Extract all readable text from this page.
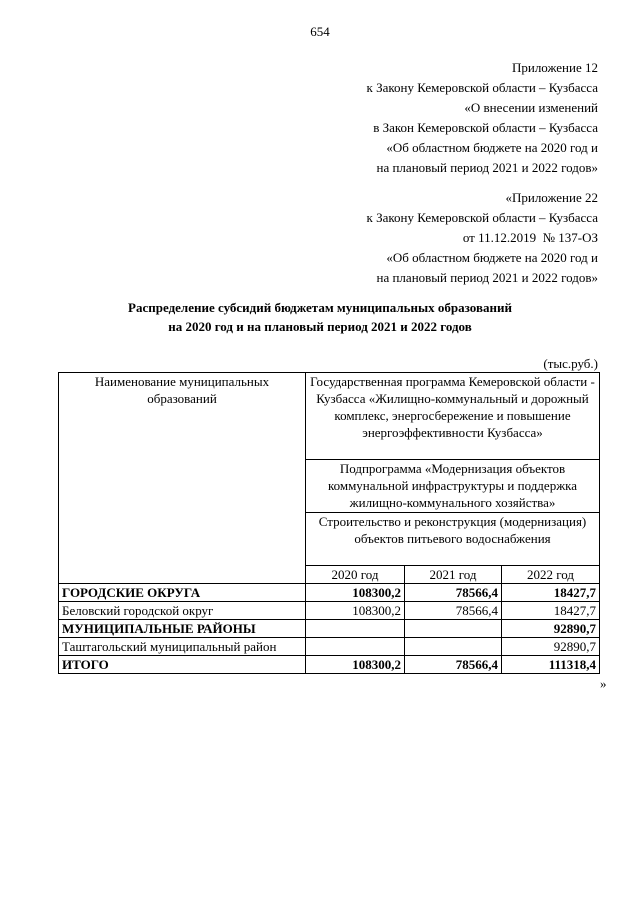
654
Приложение 12
к Закону Кемеровской области – Кузбасса
«О внесении изменений
в Закон Кемеровской области – Кузбасса
«Об областном бюджете на 2020 год и
на плановый период 2021 и 2022 годов»
«Приложение 22
к Закону Кемеровской области – Кузбасса
от 11.12.2019  № 137-ОЗ
«Об областном бюджете на 2020 год и
на плановый период 2021 и 2022 годов»
Распределение субсидий бюджетам муниципальных образований
на 2020 год и на плановый период 2021 и 2022 годов
(тыс.руб.)
Наименование муниципальных образований	Государственная программа Кемеровской области - Кузбасса «Жилищно-коммунальный и дорожный комплекс, энергосбережение и повышение энергоэффективности Кузбасса»		
	Подпрограмма «Модернизация объектов коммунальной инфраструктуры и поддержка жилищно-коммунального хозяйства»		
	Строительство и реконструкция (модернизация) объектов питьевого водоснабжения		
	2020 год	2021 год	2022 год
ГОРОДСКИЕ ОКРУГА	108300,2	78566,4	18427,7
Беловский городской округ	108300,2	78566,4	18427,7
МУНИЦИПАЛЬНЫЕ РАЙОНЫ			92890,7
Таштагольский муниципальный район			92890,7
ИТОГО	108300,2	78566,4	111318,4
»
